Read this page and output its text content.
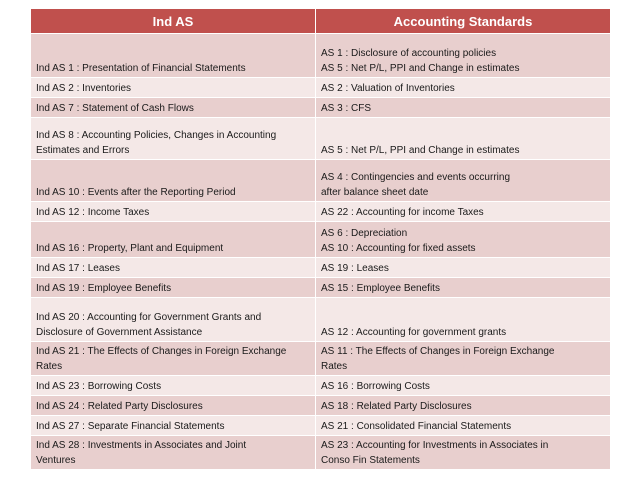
Ind AS	Accounting Standards
Ind AS 1 : Presentation of Financial Statements	AS 1 : Disclosure of accounting policies
AS 5 : Net P/L, PPI and Change in estimates
Ind AS 2 : Inventories	AS 2 : Valuation of Inventories
Ind AS 7 : Statement of Cash Flows	AS 3 : CFS
Ind AS 8 : Accounting Policies, Changes in Accounting
Estimates and Errors	AS 5 : Net P/L, PPI and Change in estimates
Ind AS 10 : Events after the Reporting Period	AS 4 : Contingencies and events occurring
after balance sheet date
Ind AS 12 : Income Taxes	AS 22 : Accounting for income Taxes
Ind AS 16 : Property, Plant and Equipment	AS 6 : Depreciation
AS 10 : Accounting for fixed assets
Ind AS 17 : Leases	AS 19 : Leases
Ind AS 19 : Employee Benefits	AS 15 : Employee Benefits
Ind AS 20 : Accounting for Government Grants and
Disclosure of Government Assistance	AS 12 : Accounting for government grants
Ind AS 21 : The Effects of Changes in Foreign Exchange
Rates	AS 11 : The Effects of Changes in Foreign Exchange
Rates
Ind AS 23 : Borrowing Costs	AS 16 : Borrowing Costs
Ind AS 24 : Related Party Disclosures	AS 18 : Related Party Disclosures
Ind AS 27 : Separate Financial Statements	AS 21 : Consolidated Financial Statements
Ind AS 28 : Investments in Associates and Joint
Ventures	AS 23 : Accounting for Investments in Associates in
Conso Fin Statements
